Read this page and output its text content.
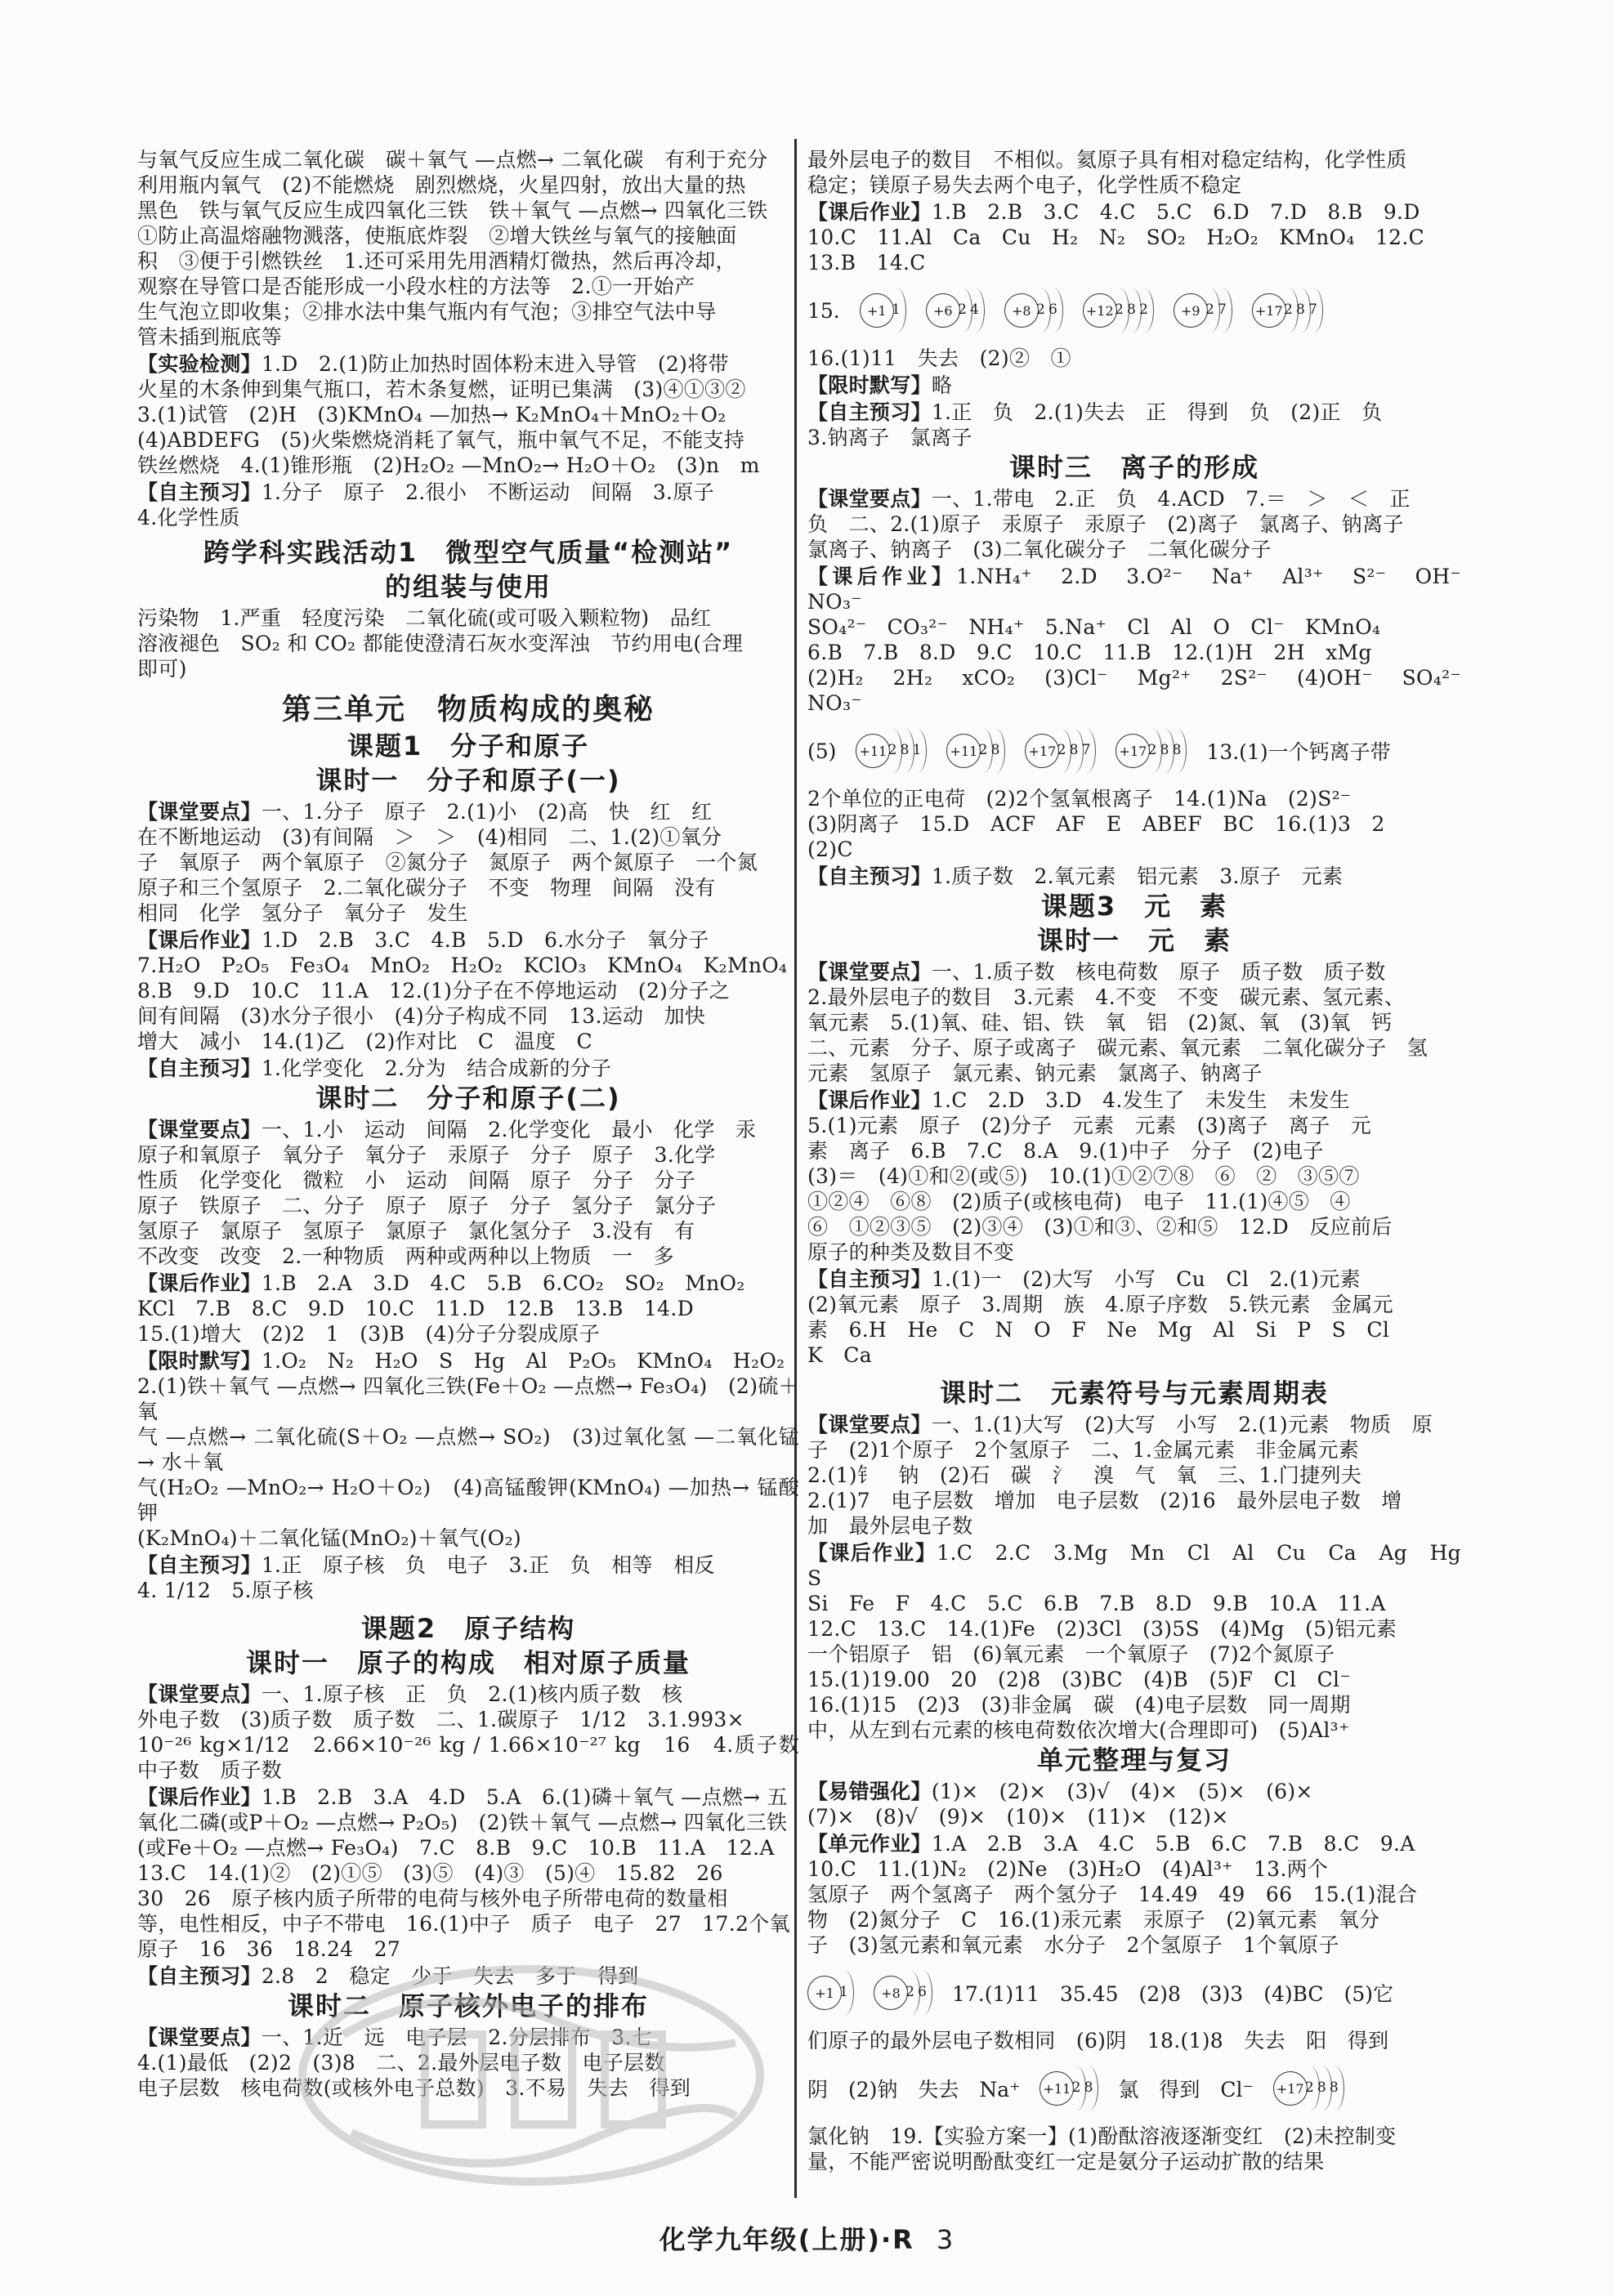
与氧气反应生成二氧化碳　碳＋氧气 —点燃→ 二氧化碳　有利于充分

利用瓶内氧气　(2)不能燃烧　剧烈燃烧，火星四射，放出大量的热

黑色　铁与氧气反应生成四氧化三铁　铁＋氧气 —点燃→ 四氧化三铁

①防止高温熔融物溅落，使瓶底炸裂　②增大铁丝与氧气的接触面

积　③便于引燃铁丝　1.还可采用先用酒精灯微热，然后再冷却，

观察在导管口是否能形成一小段水柱的方法等　2.①一开始产

生气泡立即收集；②排水法中集气瓶内有气泡；③排空气法中导

管未插到瓶底等

【实验检测】1.D　2.(1)防止加热时固体粉末进入导管　(2)将带

火星的木条伸到集气瓶口，若木条复燃，证明已集满　(3)④①③②

3.(1)试管　(2)H　(3)KMnO₄ —加热→ K₂MnO₄＋MnO₂＋O₂

(4)ABDEFG　(5)火柴燃烧消耗了氧气，瓶中氧气不足，不能支持

铁丝燃烧　4.(1)锥形瓶　(2)H₂O₂ —MnO₂→ H₂O＋O₂　(3)n　m

【自主预习】1.分子　原子　2.很小　不断运动　间隔　3.原子

4.化学性质

跨学科实践活动1　微型空气质量“检测站”

的组装与使用

污染物　1.严重　轻度污染　二氧化硫(或可吸入颗粒物)　品红

溶液褪色　SO₂ 和 CO₂ 都能使澄清石灰水变浑浊　节约用电(合理

即可)

第三单元　物质构成的奥秘

课题1　分子和原子

课时一　分子和原子(一)

【课堂要点】一、1.分子　原子　2.(1)小　(2)高　快　红　红

在不断地运动　(3)有间隔　＞　＞　(4)相同　二、1.(2)①氧分

子　氧原子　两个氧原子　②氮分子　氮原子　两个氮原子　一个氮

原子和三个氢原子　2.二氧化碳分子　不变　物理　间隔　没有

相同　化学　氢分子　氧分子　发生

【课后作业】1.D　2.B　3.C　4.B　5.D　6.水分子　氧分子

7.H₂O　P₂O₅　Fe₃O₄　MnO₂　H₂O₂　KClO₃　KMnO₄　K₂MnO₄

8.B　9.D　10.C　11.A　12.(1)分子在不停地运动　(2)分子之

间有间隔　(3)水分子很小　(4)分子构成不同　13.运动　加快

增大　减小　14.(1)乙　(2)作对比　C　温度　C

【自主预习】1.化学变化　2.分为　结合成新的分子

课时二　分子和原子(二)

【课堂要点】一、1.小　运动　间隔　2.化学变化　最小　化学　汞

原子和氧原子　氧分子　氧分子　汞原子　分子　原子　3.化学

性质　化学变化　微粒　小　运动　间隔　原子　分子　分子

原子　铁原子　二、分子　原子　原子　分子　氢分子　氯分子

氢原子　氯原子　氢原子　氯原子　氯化氢分子　3.没有　有

不改变　改变　2.一种物质　两种或两种以上物质　一　多

【课后作业】1.B　2.A　3.D　4.C　5.B　6.CO₂　SO₂　MnO₂

KCl　7.B　8.C　9.D　10.C　11.D　12.B　13.B　14.D

15.(1)增大　(2)2　1　(3)B　(4)分子分裂成原子

【限时默写】1.O₂　N₂　H₂O　S　Hg　Al　P₂O₅　KMnO₄　H₂O₂

2.(1)铁＋氧气 —点燃→ 四氧化三铁(Fe＋O₂ —点燃→ Fe₃O₄)　(2)硫＋氧

气 —点燃→ 二氧化硫(S＋O₂ —点燃→ SO₂)　(3)过氧化氢 —二氧化锰→ 水＋氧

气(H₂O₂ —MnO₂→ H₂O＋O₂)　(4)高锰酸钾(KMnO₄) —加热→ 锰酸钾

(K₂MnO₄)＋二氧化锰(MnO₂)＋氧气(O₂)

【自主预习】1.正　原子核　负　电子　3.正　负　相等　相反

4. 1/12　5.原子核

课题2　原子结构

课时一　原子的构成　相对原子质量

【课堂要点】一、1.原子核　正　负　2.(1)核内质子数　核

外电子数　(3)质子数　质子数　二、1.碳原子　1/12　3.1.993×

10⁻²⁶ kg×1/12　2.66×10⁻²⁶ kg / 1.66×10⁻²⁷ kg　16　4.质子数　中子数　质子数

【课后作业】1.B　2.B　3.A　4.D　5.A　6.(1)磷＋氧气 —点燃→ 五

氧化二磷(或P＋O₂ —点燃→ P₂O₅)　(2)铁＋氧气 —点燃→ 四氧化三铁

(或Fe＋O₂ —点燃→ Fe₃O₄)　7.C　8.B　9.C　10.B　11.A　12.A

13.C　14.(1)②　(2)①⑤　(3)⑤　(4)③　(5)④　15.82　26

30　26　原子核内质子所带的电荷与核外电子所带电荷的数量相

等，电性相反，中子不带电　16.(1)中子　质子　电子　27　17.2个氧

原子　16　36　18.24　27

【自主预习】2.8　2　稳定　少于　失去　多于　得到

课时二　原子核外电子的排布

【课堂要点】一、1.近　远　电子层　2.分层排布　3.七

4.(1)最低　(2)2　(3)8　二、2.最外层电子数　电子层数

电子层数　核电荷数(或核外电子总数)　3.不易　失去　得到

最外层电子的数目　不相似。氦原子具有相对稳定结构，化学性质

稳定；镁原子易失去两个电子，化学性质不稳定

【课后作业】1.B　2.B　3.C　4.C　5.C　6.D　7.D　8.B　9.D

10.C　11.Al　Ca　Cu　H₂　N₂　SO₂　H₂O₂　KMnO₄　12.C

13.B　14.C

15.	+1 1	+6 2 4	+8 2 6 +12 2 8 2	+9 2 7 +17 2 8 7

16.(1)11　失去　(2)②　①

【限时默写】略

【自主预习】1.正　负　2.(1)失去　正　得到　负　(2)正　负

3.钠离子　氯离子

课时三　离子的形成

【课堂要点】一、1.带电　2.正　负　4.ACD　7.＝　＞　＜　正

负　二、2.(1)原子　汞原子　汞原子　(2)离子　氯离子、钠离子

氯离子、钠离子　(3)二氧化碳分子　二氧化碳分子

【课后作业】1.NH₄⁺　2.D　3.O²⁻　Na⁺　Al³⁺　S²⁻　OH⁻　NO₃⁻

SO₄²⁻　CO₃²⁻　NH₄⁺　5.Na⁺　Cl　Al　O　Cl⁻　KMnO₄

6.B　7.B　8.D　9.C　10.C　11.B　12.(1)H　2H　xMg

(2)H₂　2H₂　xCO₂　(3)Cl⁻　Mg²⁺　2S²⁻　(4)OH⁻　SO₄²⁻　NO₃⁻

(5) +11 2 8 1 +11 2 8 +17 2 8 7 +17 2 8 8 13.(1)一个钙离子带

2个单位的正电荷　(2)2个氢氧根离子　14.(1)Na　(2)S²⁻

(3)阴离子　15.D　ACF　AF　E　ABEF　BC　16.(1)3　2

(2)C

【自主预习】1.质子数　2.氧元素　铝元素　3.原子　元素

课题3　元　素

课时一　元　素

【课堂要点】一、1.质子数　核电荷数　原子　质子数　质子数

2.最外层电子的数目　3.元素　4.不变　不变　碳元素、氢元素、

氧元素　5.(1)氧、硅、铝、铁　氧　铝　(2)氮、氧　(3)氧　钙

二、元素　分子、原子或离子　碳元素、氧元素　二氧化碳分子　氢

元素　氢原子　氯元素、钠元素　氯离子、钠离子

【课后作业】1.C　2.D　3.D　4.发生了　未发生　未发生

5.(1)元素　原子　(2)分子　元素　元素　(3)离子　离子　元

素　离子　6.B　7.C　8.A　9.(1)中子　分子　(2)电子

(3)＝　(4)①和②(或⑤)　10.(1)①②⑦⑧　⑥　②　③⑤⑦

①②④　⑥⑧　(2)质子(或核电荷)　电子　11.(1)④⑤　④

⑥　①②③⑤　(2)③④　(3)①和③、②和⑤　12.D　反应前后

原子的种类及数目不变

【自主预习】1.(1)一　(2)大写　小写　Cu　Cl　2.(1)元素

(2)氧元素　原子　3.周期　族　4.原子序数　5.铁元素　金属元

素　6.H　He　C　N　O　F　Ne　Mg　Al　Si　P　S　Cl

K　Ca

课时二　元素符号与元素周期表

【课堂要点】一、1.(1)大写　(2)大写　小写　2.(1)元素　物质　原

子　(2)1个原子　2个氢原子　二、1.金属元素　非金属元素

2.(1)钅　钠　(2)石　碳　氵　溴　气　氧　三、1.门捷列夫

2.(1)7　电子层数　增加　电子层数　(2)16　最外层电子数　增

加　最外层电子数

【课后作业】1.C　2.C　3.Mg　Mn　Cl　Al　Cu　Ca　Ag　Hg　S

Si　Fe　F　4.C　5.C　6.B　7.B　8.D　9.B　10.A　11.A

12.C　13.C　14.(1)Fe　(2)3Cl　(3)5S　(4)Mg　(5)铝元素

一个铝原子　铝　(6)氧元素　一个氧原子　(7)2个氮原子

15.(1)19.00　20　(2)8　(3)BC　(4)B　(5)F　Cl　Cl⁻

16.(1)15　(2)3　(3)非金属　碳　(4)电子层数　同一周期

中，从左到右元素的核电荷数依次增大(合理即可)　(5)Al³⁺

单元整理与复习

【易错强化】(1)×　(2)×　(3)√　(4)×　(5)×　(6)×

(7)×　(8)√　(9)×　(10)×　(11)×　(12)×

【单元作业】1.A　2.B　3.A　4.C　5.B　6.C　7.B　8.C　9.A

10.C　11.(1)N₂　(2)Ne　(3)H₂O　(4)Al³⁺　13.两个

氢原子　两个氢离子　两个氢分子　14.49　49　66　15.(1)混合

物　(2)氮分子　C　16.(1)汞元素　汞原子　(2)氧元素　氧分

子　(3)氢元素和氧元素　水分子　2个氢原子　1个氧原子

+1 1	+8 2 6 17.(1)11　35.45　(2)8　(3)3　(4)BC　(5)它

们原子的最外层电子数相同　(6)阴　18.(1)8　失去　阳　得到

阴　(2)钠　失去　Na⁺ +11 2 8 氯　得到　Cl⁻ +17 2 8 8

氯化钠　19.【实验方案一】(1)酚酞溶液逐渐变红　(2)未控制变

量，不能严密说明酚酞变红一定是氨分子运动扩散的结果

化学九年级(上册)·R 3
